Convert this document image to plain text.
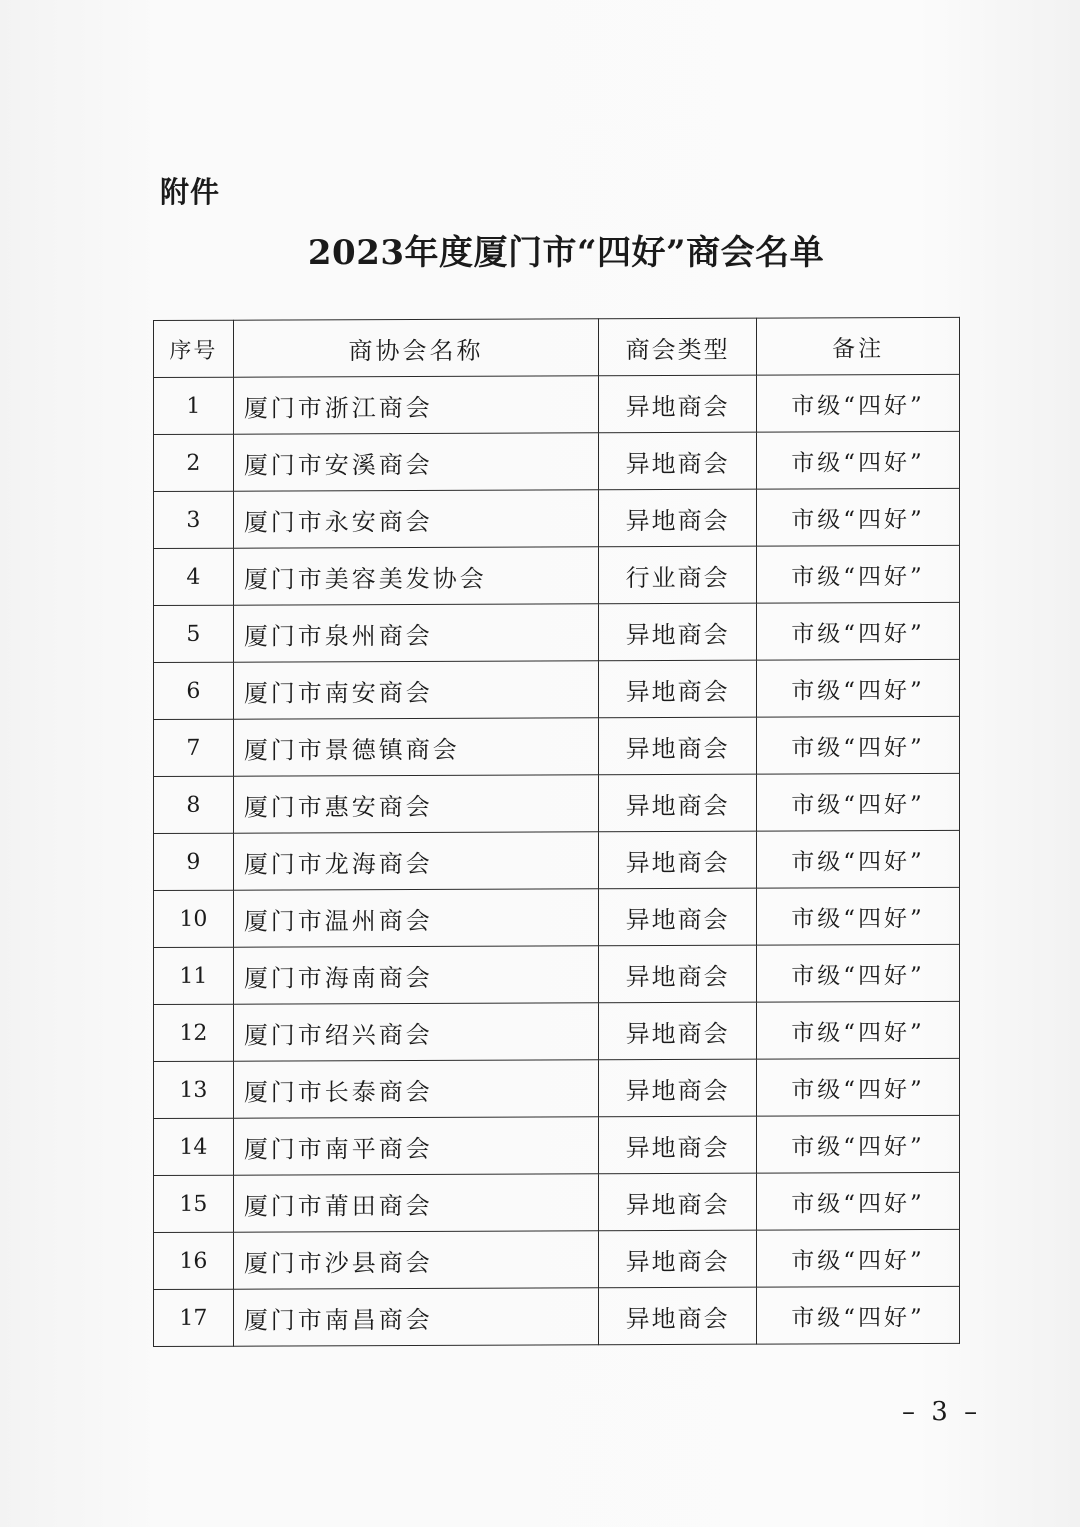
附件
2023年度厦门市“四好”商会名单
序号	商协会名称	商会类型	备注
1	厦门市浙江商会	异地商会	市级“四好”
2	厦门市安溪商会	异地商会	市级“四好”
3	厦门市永安商会	异地商会	市级“四好”
4	厦门市美容美发协会	行业商会	市级“四好”
5	厦门市泉州商会	异地商会	市级“四好”
6	厦门市南安商会	异地商会	市级“四好”
7	厦门市景德镇商会	异地商会	市级“四好”
8	厦门市惠安商会	异地商会	市级“四好”
9	厦门市龙海商会	异地商会	市级“四好”
10	厦门市温州商会	异地商会	市级“四好”
11	厦门市海南商会	异地商会	市级“四好”
12	厦门市绍兴商会	异地商会	市级“四好”
13	厦门市长泰商会	异地商会	市级“四好”
14	厦门市南平商会	异地商会	市级“四好”
15	厦门市莆田商会	异地商会	市级“四好”
16	厦门市沙县商会	异地商会	市级“四好”
17	厦门市南昌商会	异地商会	市级“四好”
– 3 –
